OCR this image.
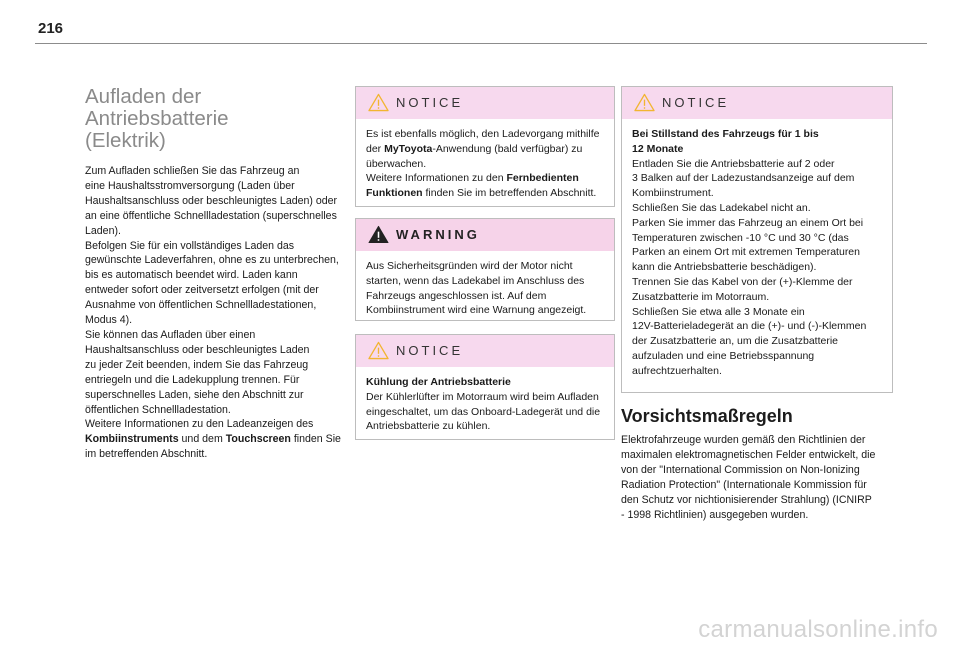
216
Aufladen der Antriebsbatterie
(Elektrik)
Zum Aufladen schließen Sie das Fahrzeug an
eine Haushaltsstromversorgung (Laden über
Haushaltsanschluss oder beschleunigtes Laden) oder
an eine öffentliche Schnellladestation (superschnelles
Laden).
Befolgen Sie für ein vollständiges Laden das
gewünschte Ladeverfahren, ohne es zu unterbrechen,
bis es automatisch beendet wird. Laden kann
entweder sofort oder zeitversetzt erfolgen (mit der
Ausnahme von öffentlichen Schnellladestationen,
Modus 4).
Sie können das Aufladen über einen
Haushaltsanschluss oder beschleunigtes Laden
zu jeder Zeit beenden, indem Sie das Fahrzeug
entriegeln und die Ladekupplung trennen. Für
superschnelles Laden, siehe den Abschnitt zur
öffentlichen Schnellladestation.
Weitere Informationen zu den Ladeanzeigen des
Kombiinstruments und dem Touchscreen finden Sie
im betreffenden Abschnitt.
NOTICE
Es ist ebenfalls möglich, den Ladevorgang mithilfe
der MyToyota-Anwendung (bald verfügbar) zu
überwachen.
Weitere Informationen zu den Fernbedienten
Funktionen finden Sie im betreffenden Abschnitt.
WARNING
Aus Sicherheitsgründen wird der Motor nicht
starten, wenn das Ladekabel im Anschluss des
Fahrzeugs angeschlossen ist. Auf dem
Kombiinstrument wird eine Warnung angezeigt.
NOTICE
Kühlung der Antriebsbatterie
Der Kühlerlüfter im Motorraum wird beim Aufladen
eingeschaltet, um das Onboard-Ladegerät und die
Antriebsbatterie zu kühlen.
NOTICE
Bei Stillstand des Fahrzeugs für 1 bis
12 Monate
Entladen Sie die Antriebsbatterie auf 2 oder
3 Balken auf der Ladezustandsanzeige auf dem
Kombiinstrument.
Schließen Sie das Ladekabel nicht an.
Parken Sie immer das Fahrzeug an einem Ort bei
Temperaturen zwischen -10 °C und 30 °C (das
Parken an einem Ort mit extremen Temperaturen
kann die Antriebsbatterie beschädigen).
Trennen Sie das Kabel von der (+)-Klemme der
Zusatzbatterie im Motorraum.
Schließen Sie etwa alle 3 Monate ein
12V-Batterieladegerät an die (+)- und (-)-Klemmen
der Zusatzbatterie an, um die Zusatzbatterie
aufzuladen und eine Betriebsspannung
aufrechtzuerhalten.
Vorsichtsmaßregeln
Elektrofahrzeuge wurden gemäß den Richtlinien der
maximalen elektromagnetischen Felder entwickelt, die
von der "International Commission on Non-Ionizing
Radiation Protection" (Internationale Kommission für
den Schutz vor nichtionisierender Strahlung) (ICNIRP
- 1998 Richtlinien) ausgegeben wurden.
carmanualsonline.info
